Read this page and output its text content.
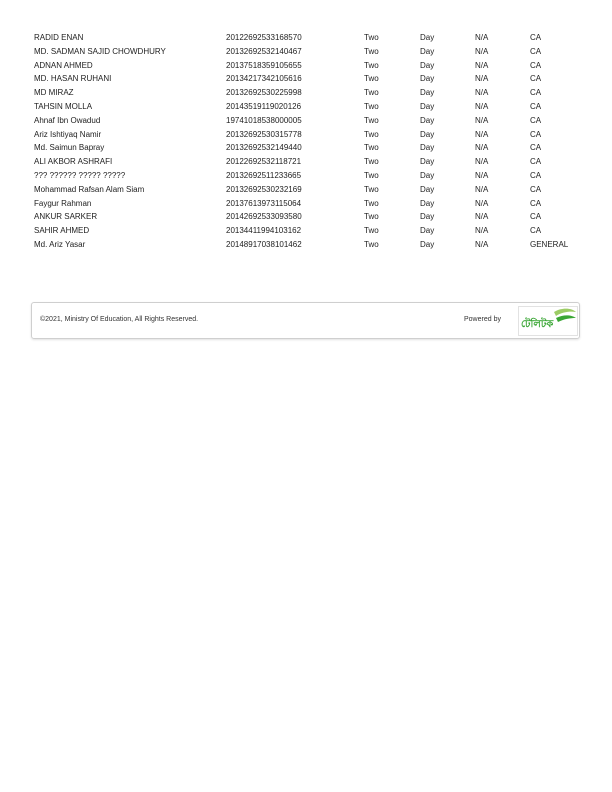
RADID ENAN	20122692533168570	Two	Day	N/A	CA
MD. SADMAN SAJID CHOWDHURY	20132692532140467	Two	Day	N/A	CA
ADNAN AHMED	20137518359105655	Two	Day	N/A	CA
MD. HASAN RUHANI	20134217342105616	Two	Day	N/A	CA
MD MIRAZ	20132692530225998	Two	Day	N/A	CA
TAHSIN MOLLA	20143519119020126	Two	Day	N/A	CA
Ahnaf Ibn Owadud	19741018538000005	Two	Day	N/A	CA
Ariz Ishtiyaq Namir	20132692530315778	Two	Day	N/A	CA
Md. Saimun Bapray	20132692532149440	Two	Day	N/A	CA
ALI AKBOR ASHRAFI	20122692532118721	Two	Day	N/A	CA
??? ?????? ????? ?????	20132692511233665	Two	Day	N/A	CA
Mohammad Rafsan Alam Siam	20132692530232169	Two	Day	N/A	CA
Faygur Rahman	20137613973115064	Two	Day	N/A	CA
ANKUR SARKER	20142692533093580	Two	Day	N/A	CA
SAHIR AHMED	20134411994103162	Two	Day	N/A	CA
Md. Ariz Yasar	20148917038101462	Two	Day	N/A	GENERAL
©2021, Ministry Of Education, All Rights Reserved.	Powered by টেলিটক
